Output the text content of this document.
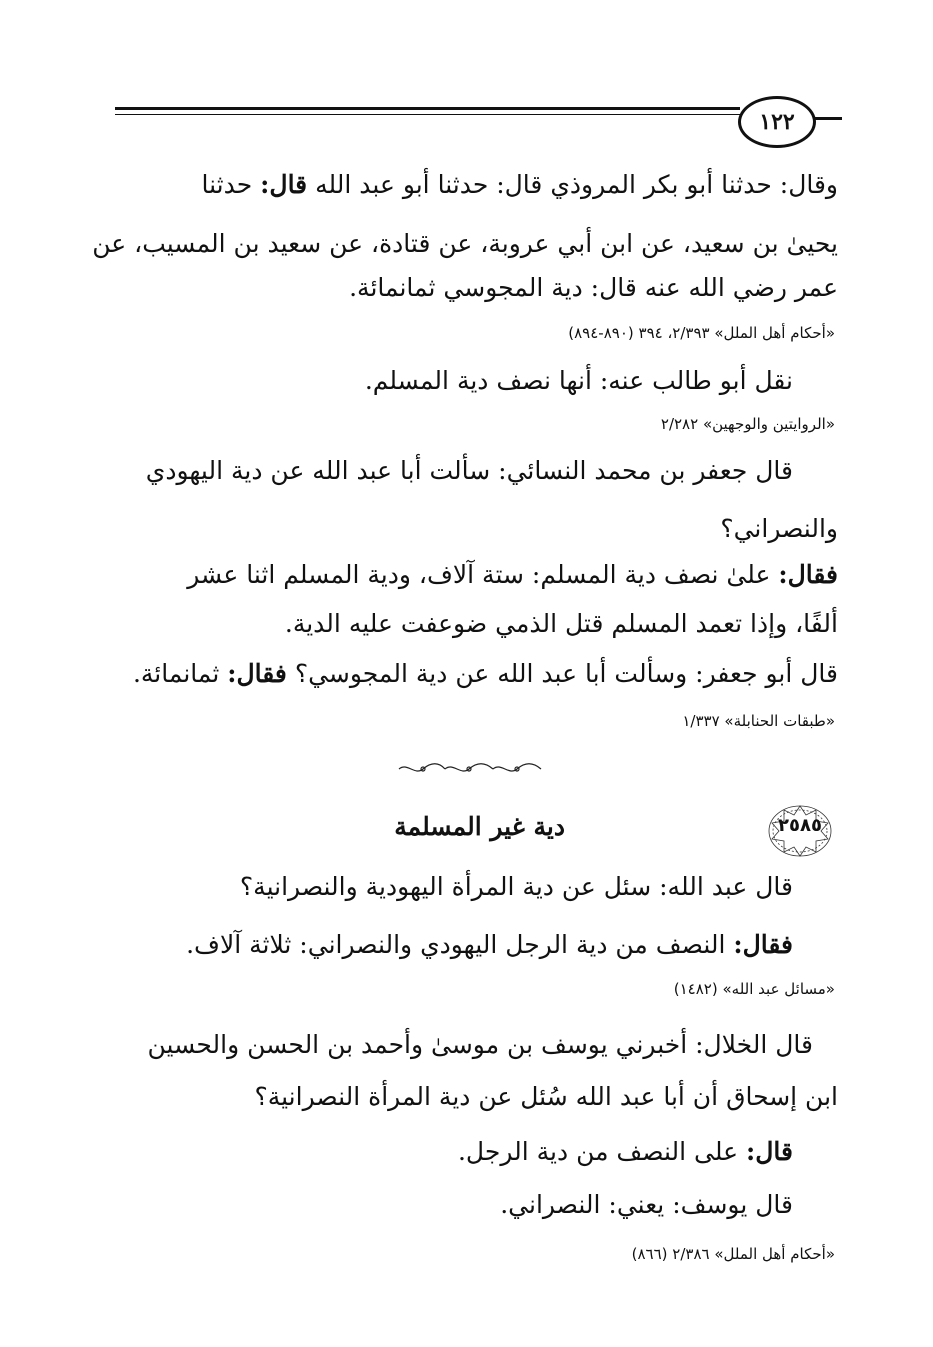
١٢٢
وقال: حدثنا أبو بكر المروذي قال: حدثنا أبو عبد الله قال: حدثنا
يحيىٰ بن سعيد، عن ابن أبي عروبة، عن قتادة، عن سعيد بن المسيب، عن
عمر رضي الله عنه قال: دية المجوسي ثمانمائة.
«أحكام أهل الملل» ٢/٣٩٣، ٣٩٤ (٨٩٠-٨٩٤)
نقل أبو طالب عنه: أنها نصف دية المسلم.
«الروايتين والوجهين» ٢/٢٨٢
قال جعفر بن محمد النسائي: سألت أبا عبد الله عن دية اليهودي
والنصراني؟
فقال: علىٰ نصف دية المسلم: ستة آلاف، ودية المسلم اثنا عشر
ألفًا، وإذا تعمد المسلم قتل الذمي ضوعفت عليه الدية.
قال أبو جعفر: وسألت أبا عبد الله عن دية المجوسي؟ فقال: ثمانمائة.
«طبقات الحنابلة» ١/٣٣٧
٢٥٨٥
دية غير المسلمة
قال عبد الله: سئل عن دية المرأة اليهودية والنصرانية؟
فقال: النصف من دية الرجل اليهودي والنصراني: ثلاثة آلاف.
«مسائل عبد الله» (١٤٨٢)
قال الخلال: أخبرني يوسف بن موسىٰ وأحمد بن الحسن والحسين
ابن إسحاق أن أبا عبد الله سُئل عن دية المرأة النصرانية؟
قال: على النصف من دية الرجل.
قال يوسف: يعني: النصراني.
«أحكام أهل الملل» ٢/٣٨٦ (٨٦٦)
